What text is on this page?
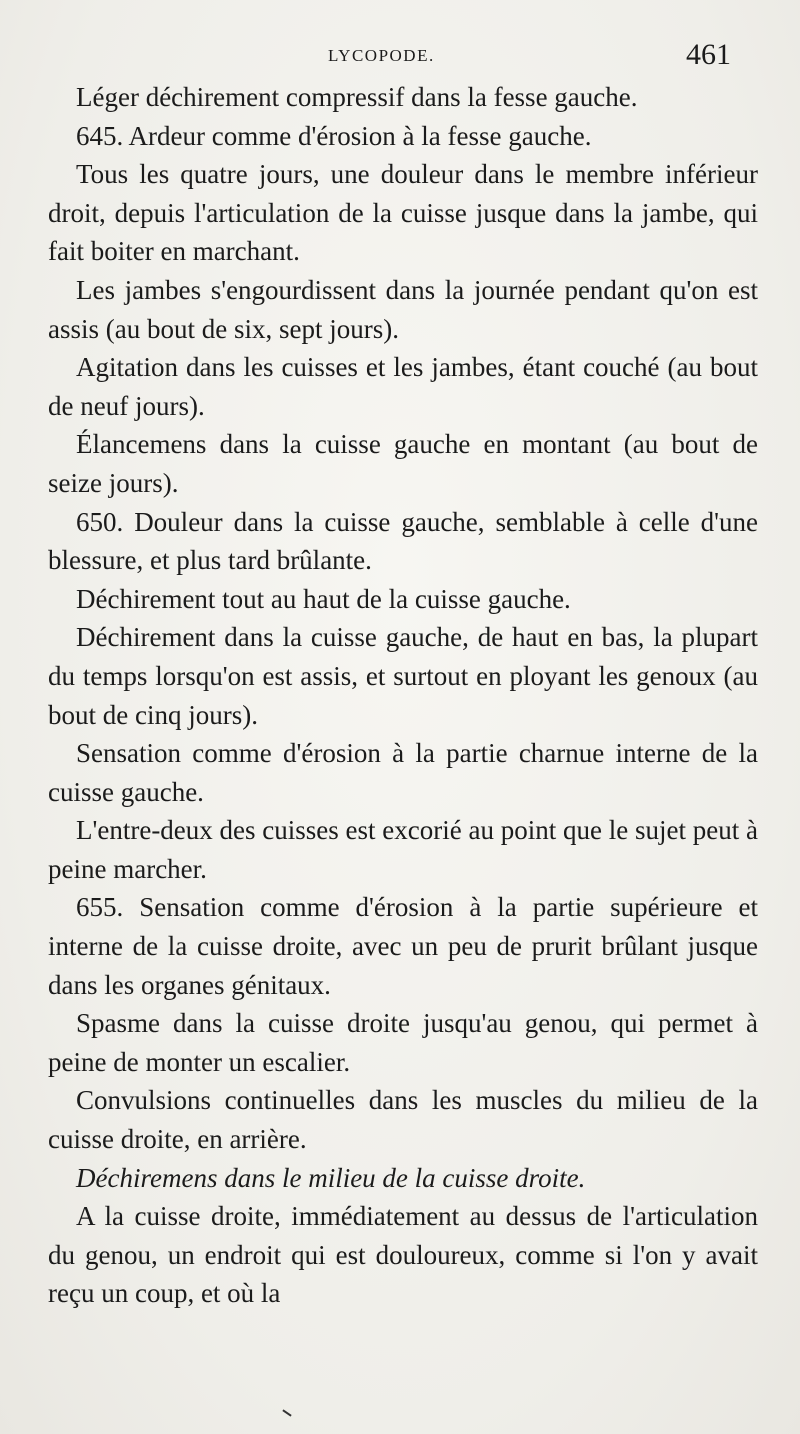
LYCOPODE.	461

Léger déchirement compressif dans la fesse gauche.

645. Ardeur comme d'érosion à la fesse gauche.

Tous les quatre jours, une douleur dans le membre inférieur droit, depuis l'articulation de la cuisse jusque dans la jambe, qui fait boiter en marchant.

Les jambes s'engourdissent dans la journée pendant qu'on est assis (au bout de six, sept jours).

Agitation dans les cuisses et les jambes, étant couché (au bout de neuf jours).

Élancemens dans la cuisse gauche en montant (au bout de seize jours).

650. Douleur dans la cuisse gauche, semblable à celle d'une blessure, et plus tard brûlante.

Déchirement tout au haut de la cuisse gauche.

Déchirement dans la cuisse gauche, de haut en bas, la plupart du temps lorsqu'on est assis, et surtout en ployant les genoux (au bout de cinq jours).

Sensation comme d'érosion à la partie charnue interne de la cuisse gauche.

L'entre-deux des cuisses est excorié au point que le sujet peut à peine marcher.

655. Sensation comme d'érosion à la partie supérieure et interne de la cuisse droite, avec un peu de prurit brûlant jusque dans les organes génitaux.

Spasme dans la cuisse droite jusqu'au genou, qui permet à peine de monter un escalier.

Convulsions continuelles dans les muscles du milieu de la cuisse droite, en arrière.

Déchiremens dans le milieu de la cuisse droite.

A la cuisse droite, immédiatement au dessus de l'articulation du genou, un endroit qui est douloureux, comme si l'on y avait reçu un coup, et où la
